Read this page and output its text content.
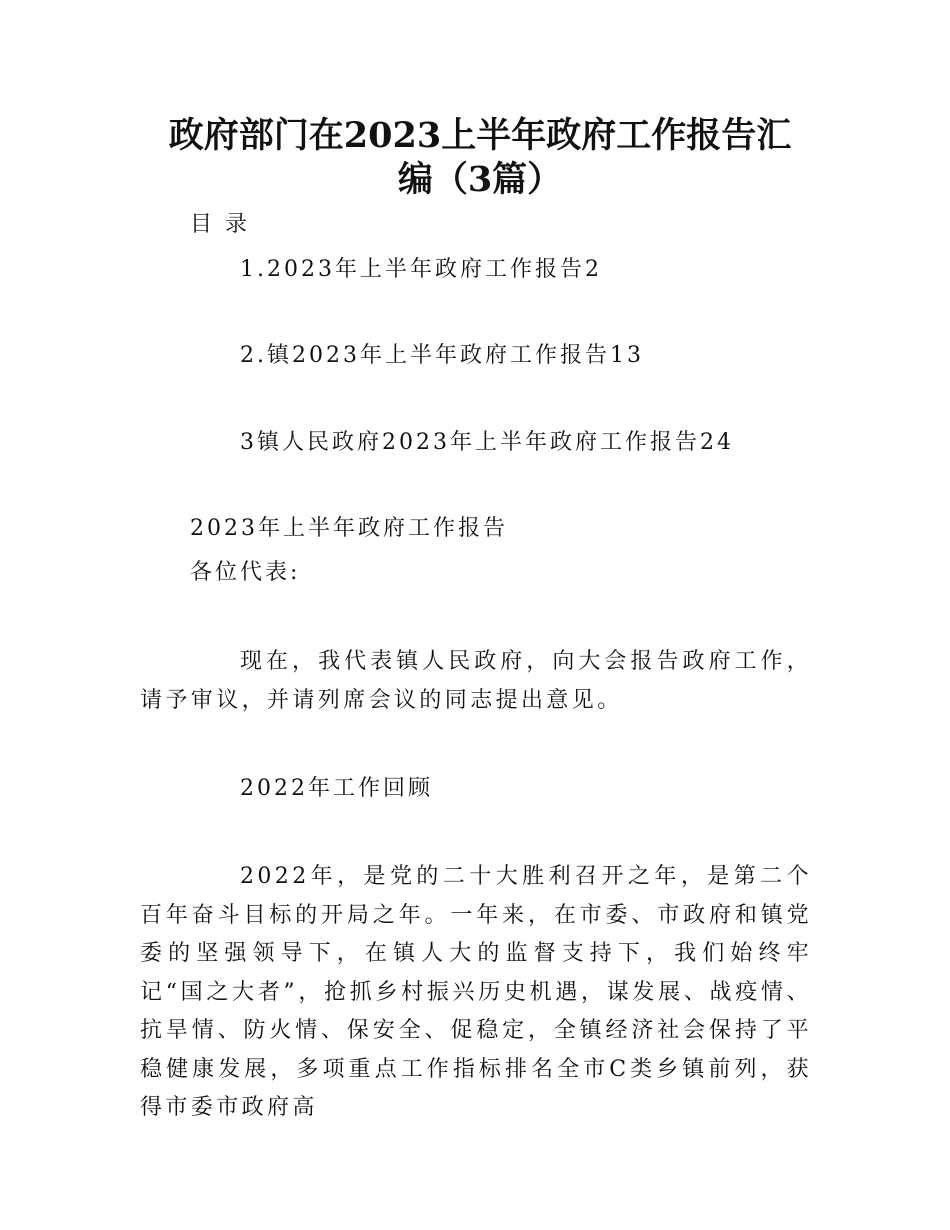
政府部门在2023上半年政府工作报告汇
编（3篇）
目 录
1.2023年上半年政府工作报告2
2.镇2023年上半年政府工作报告13
3镇人民政府2023年上半年政府工作报告24
2023年上半年政府工作报告
各位代表:
现在，我代表镇人民政府，向大会报告政府工作，请予审议，并请列席会议的同志提出意见。
2022年工作回顾
2022年，是党的二十大胜利召开之年，是第二个百年奋斗目标的开局之年。一年来，在市委、市政府和镇党委的坚强领导下，在镇人大的监督支持下，我们始终牢记“国之大者”，抢抓乡村振兴历史机遇，谋发展、战疫情、抗旱情、防火情、保安全、促稳定，全镇经济社会保持了平稳健康发展，多项重点工作指标排名全市C类乡镇前列，获得市委市政府高
